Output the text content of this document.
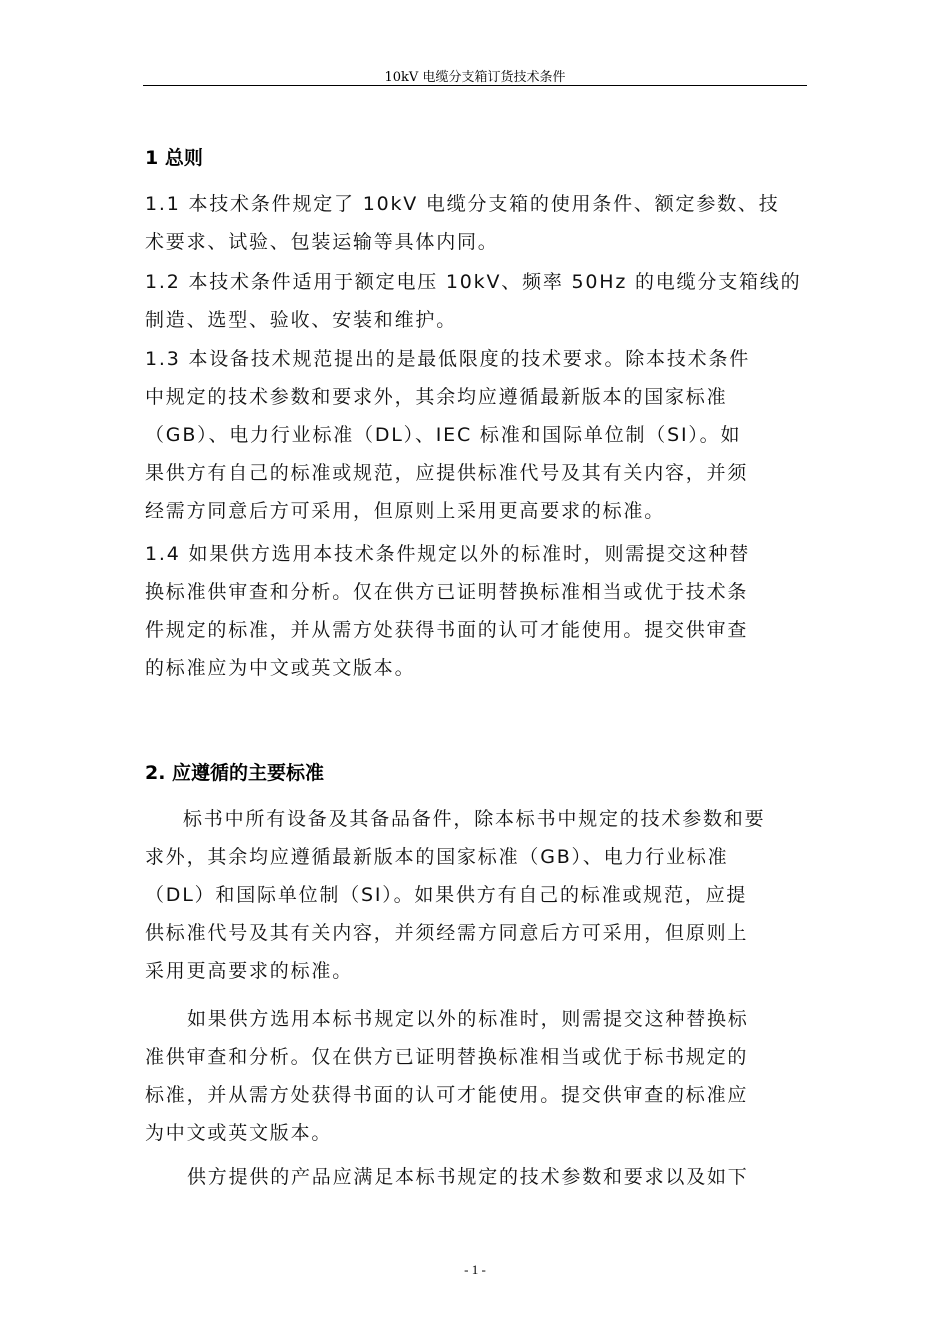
10kV 电缆分支箱订货技术条件
1 总则
1.1 本技术条件规定了 10kV 电缆分支箱的使用条件、额定参数、技
术要求、试验、包装运输等具体内同。
1.2 本技术条件适用于额定电压 10kV、频率 50Hz 的电缆分支箱线的
制造、选型、验收、安装和维护。
1.3 本设备技术规范提出的是最低限度的技术要求。除本技术条件
中规定的技术参数和要求外，其余均应遵循最新版本的国家标准
（GB）、电力行业标准（DL）、IEC 标准和国际单位制（SI）。如
果供方有自己的标准或规范，应提供标准代号及其有关内容，并须
经需方同意后方可采用，但原则上采用更高要求的标准。
1.4 如果供方选用本技术条件规定以外的标准时，则需提交这种替
换标准供审查和分析。仅在供方已证明替换标准相当或优于技术条
件规定的标准，并从需方处获得书面的认可才能使用。提交供审查
的标准应为中文或英文版本。
2. 应遵循的主要标准
标书中所有设备及其备品备件，除本标书中规定的技术参数和要
求外，其余均应遵循最新版本的国家标准（GB）、电力行业标准
（DL）和国际单位制（SI）。如果供方有自己的标准或规范，应提
供标准代号及其有关内容，并须经需方同意后方可采用，但原则上
采用更高要求的标准。
如果供方选用本标书规定以外的标准时，则需提交这种替换标
准供审查和分析。仅在供方已证明替换标准相当或优于标书规定的
标准，并从需方处获得书面的认可才能使用。提交供审查的标准应
为中文或英文版本。
供方提供的产品应满足本标书规定的技术参数和要求以及如下
- 1 -
